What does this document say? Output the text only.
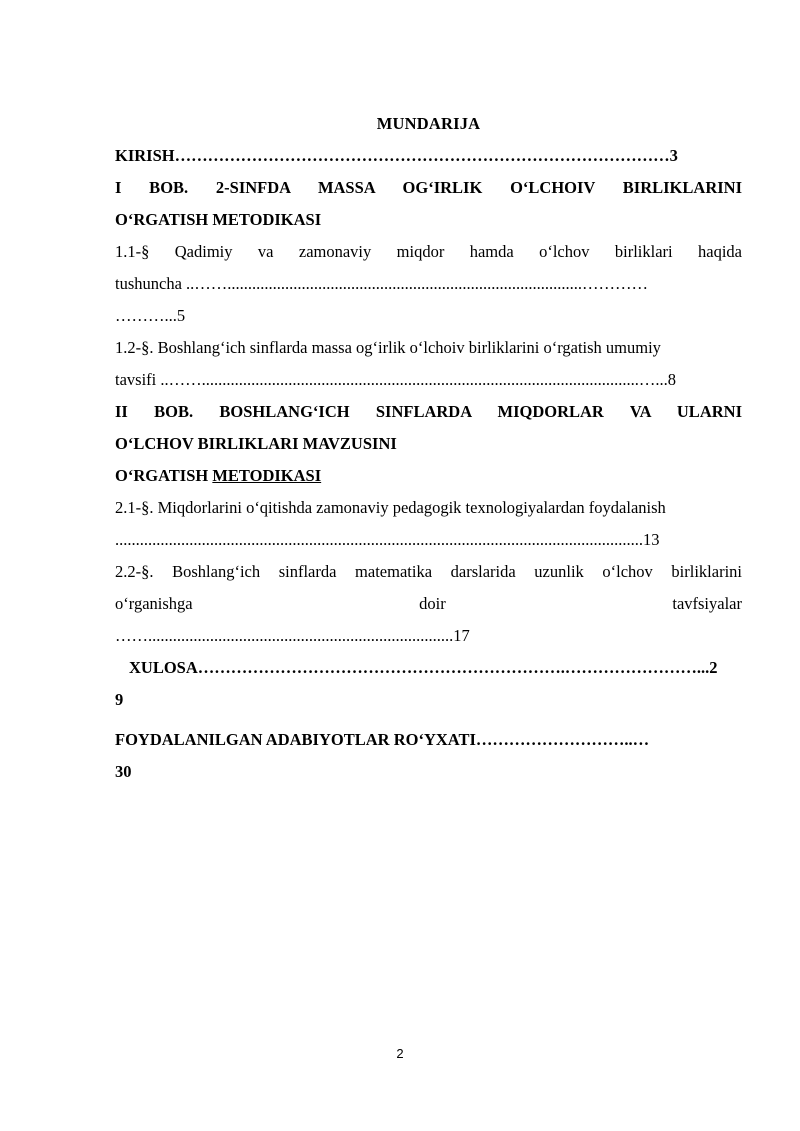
MUNDARIJA

KIRISH………………………………………………………………………………3

I BOB. 2-SINFDA MASSA OG‘IRLIK O‘LCHOIV BIRLIKLARINI

O‘RGATISH METODIKASI

1.1-§ Qadimiy va zamonaviy miqdor hamda o‘lchov birliklari haqida

tushuncha ..……......................................................................................…………

………...5

1.2-§. Boshlang‘ich sinflarda massa og‘irlik o‘lchoiv birliklarini o‘rgatish umumiy

tavsifi ..……..........................................................................................................…...8

II BOB. BOSHLANG‘ICH SINFLARDA MIQDORLAR VA ULARNI

O‘LCHOV BIRLIKLARI MAVZUSINI

O‘RGATISH METODIKASI

2.1-§. Miqdorlarini o‘qitishda zamonaviy pedagogik texnologiyalardan foydalanish

................................................................................................................................13

2.2-§. Boshlang‘ich sinflarda matematika darslarida uzunlik o‘lchov birliklarini

o‘rganishga doir tavfsiyalar

……..........................................................................17

XULOSA………………………………………………………….……………………...2

9

FOYDALANILGAN ADABIYOTLAR RO‘YXATI………………………..…

30

2
